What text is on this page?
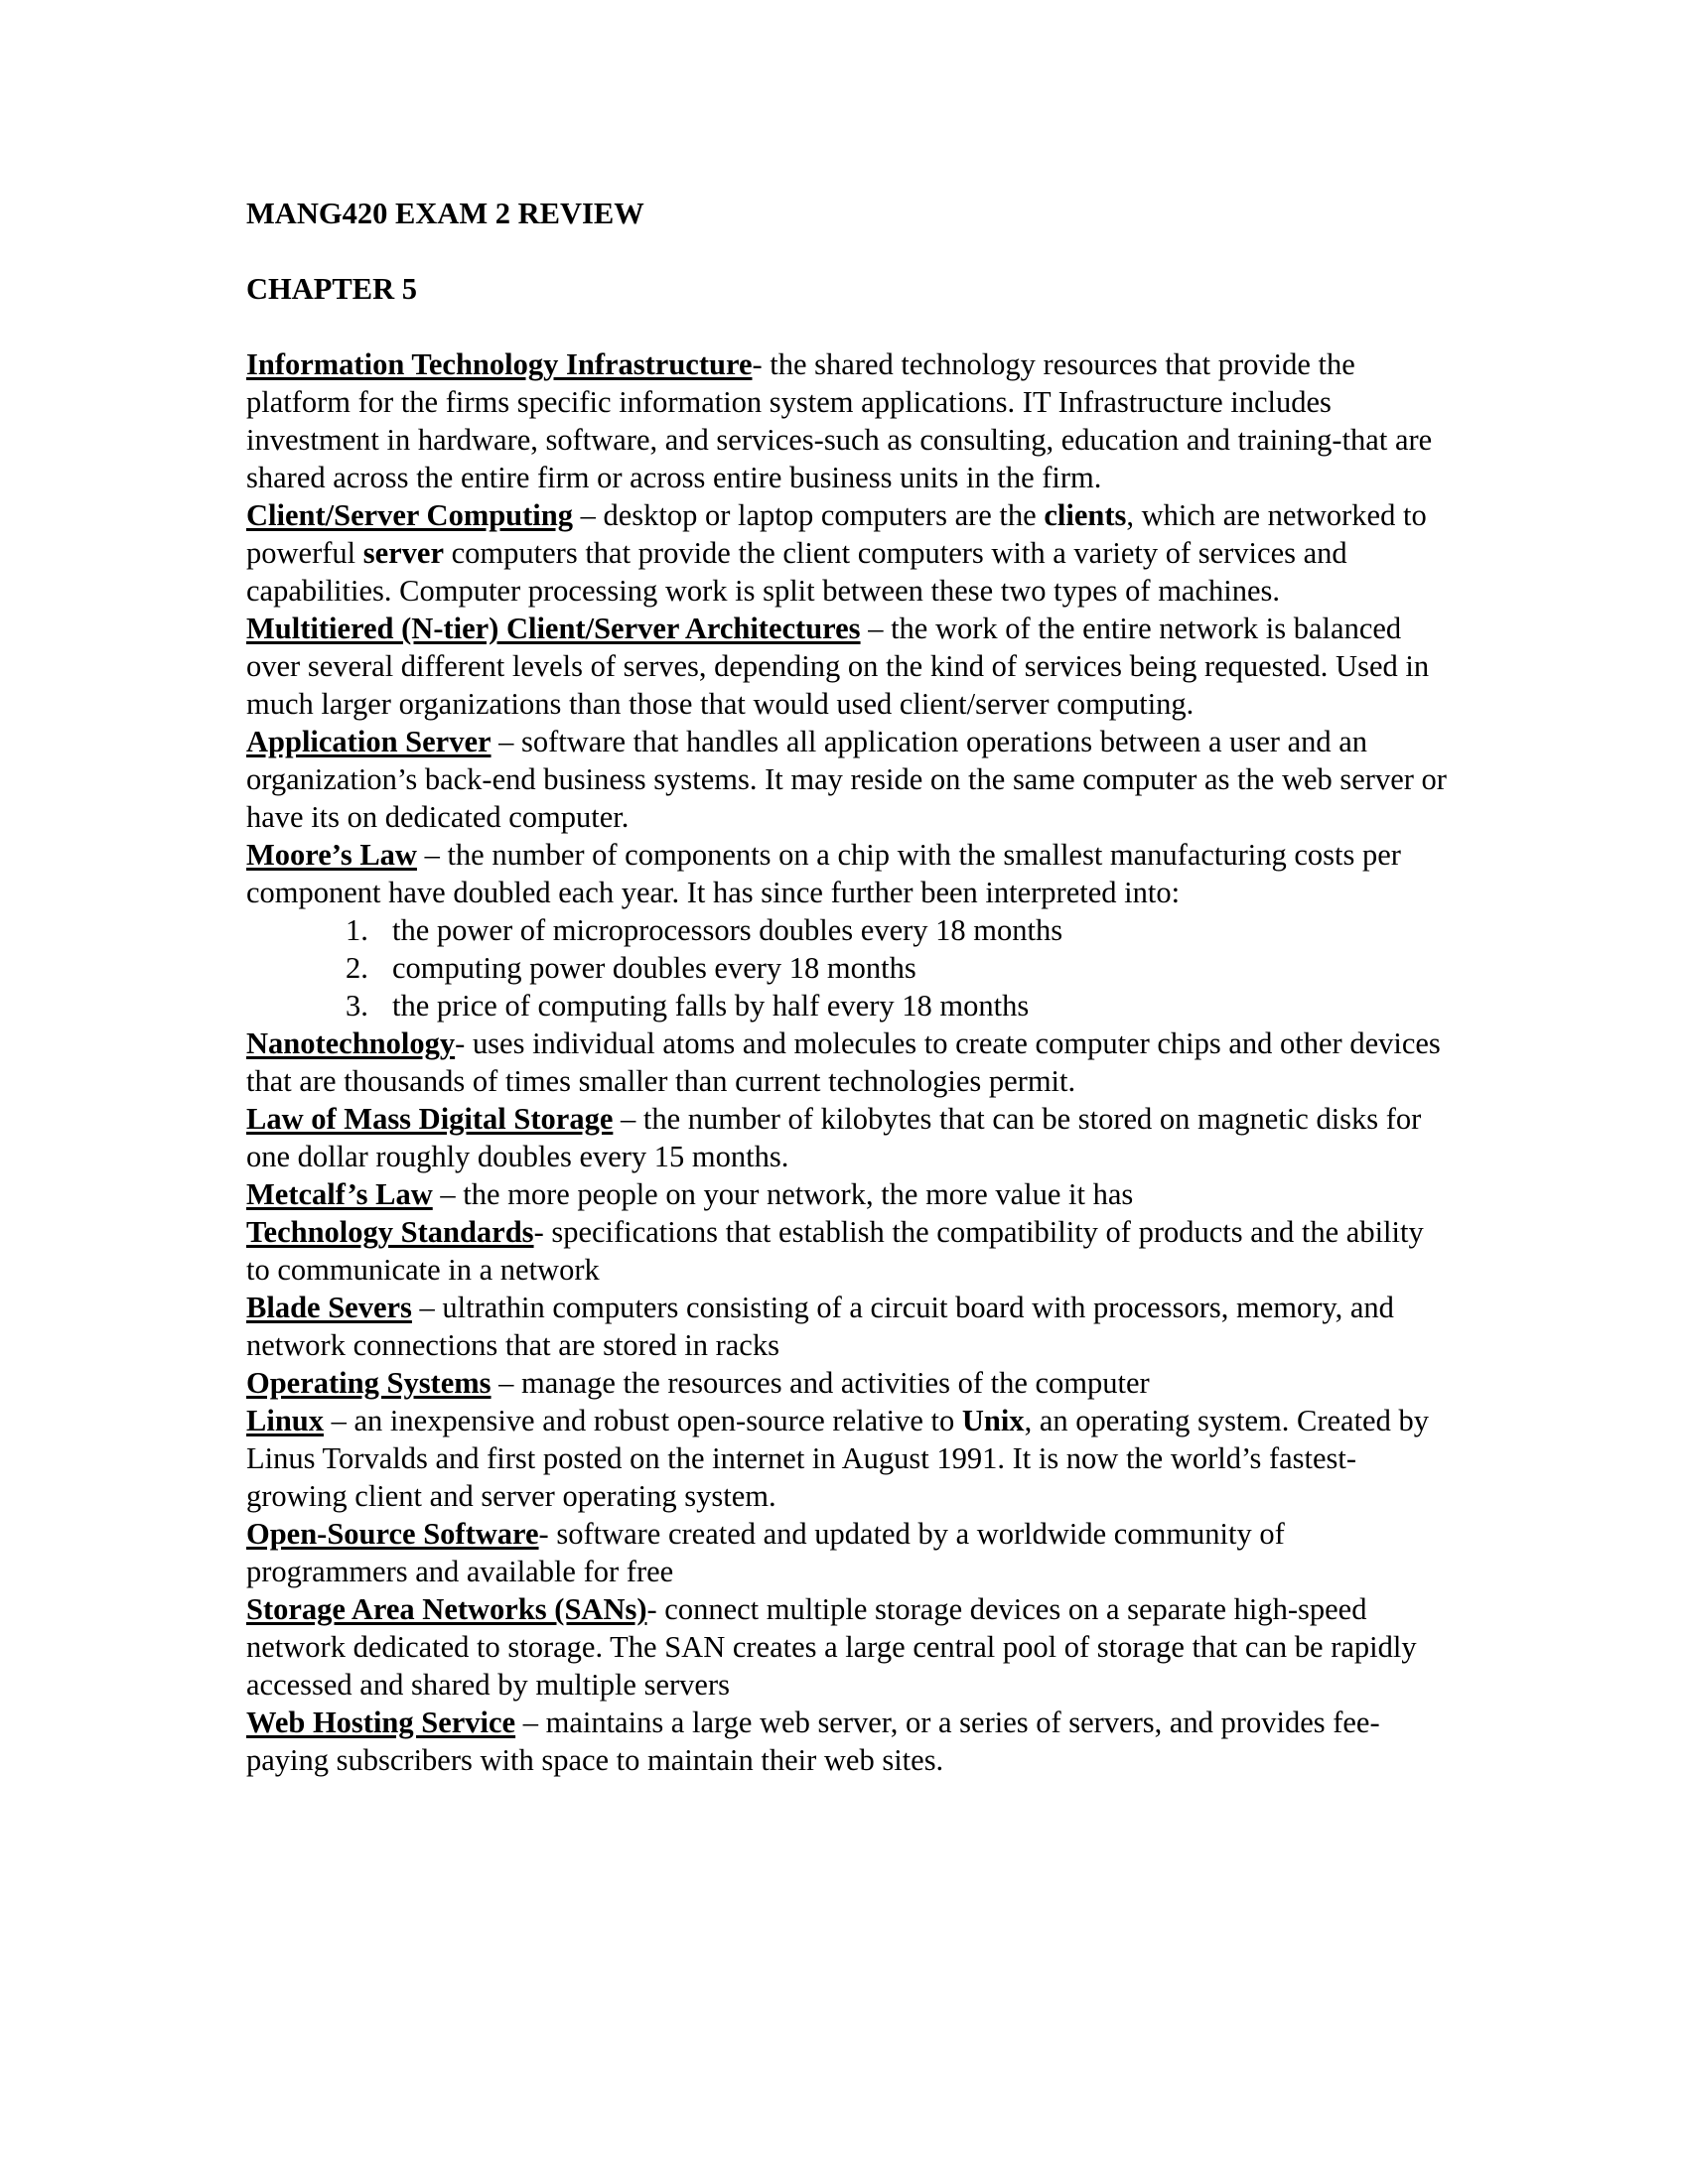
MANG420 EXAM 2 REVIEW

CHAPTER 5

Information Technology Infrastructure- the shared technology resources that provide the platform for the firms specific information system applications. IT Infrastructure includes investment in hardware, software, and services-such as consulting, education and training-that are shared across the entire firm or across entire business units in the firm.

Client/Server Computing – desktop or laptop computers are the clients, which are networked to powerful server computers that provide the client computers with a variety of services and capabilities. Computer processing work is split between these two types of machines.

Multitiered (N-tier) Client/Server Architectures – the work of the entire network is balanced over several different levels of serves, depending on the kind of services being requested. Used in much larger organizations than those that would used client/server computing.

Application Server – software that handles all application operations between a user and an organization’s back-end business systems. It may reside on the same computer as the web server or have its on dedicated computer.

Moore’s Law – the number of components on a chip with the smallest manufacturing costs per component have doubled each year. It has since further been interpreted into:
1. the power of microprocessors doubles every 18 months
2. computing power doubles every 18 months
3. the price of computing falls by half every 18 months

Nanotechnology- uses individual atoms and molecules to create computer chips and other devices that are thousands of times smaller than current technologies permit.

Law of Mass Digital Storage – the number of kilobytes that can be stored on magnetic disks for one dollar roughly doubles every 15 months.

Metcalf’s Law – the more people on your network, the more value it has

Technology Standards- specifications that establish the compatibility of products and the ability to communicate in a network

Blade Severs – ultrathin computers consisting of a circuit board with processors, memory, and network connections that are stored in racks

Operating Systems – manage the resources and activities of the computer

Linux – an inexpensive and robust open-source relative to Unix, an operating system. Created by Linus Torvalds and first posted on the internet in August 1991. It is now the world’s fastest-growing client and server operating system.

Open-Source Software- software created and updated by a worldwide community of programmers and available for free

Storage Area Networks (SANs)- connect multiple storage devices on a separate high-speed network dedicated to storage. The SAN creates a large central pool of storage that can be rapidly accessed and shared by multiple servers

Web Hosting Service – maintains a large web server, or a series of servers, and provides fee-paying subscribers with space to maintain their web sites.
